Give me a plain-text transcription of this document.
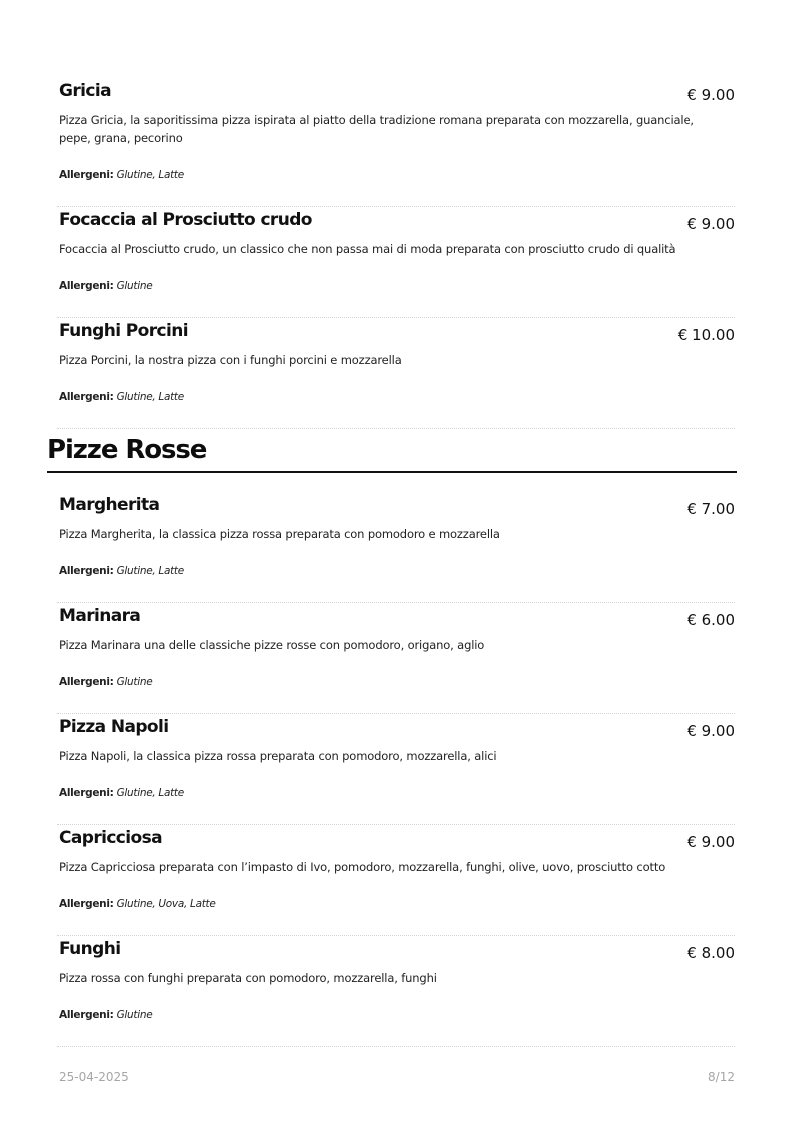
Gricia	€ 9.00

Pizza Gricia, la saporitissima pizza ispirata al piatto della tradizione romana preparata con mozzarella, guanciale, pepe, grana, pecorino

Allergeni: Glutine, Latte

Focaccia al Prosciutto crudo	€ 9.00

Focaccia al Prosciutto crudo, un classico che non passa mai di moda preparata con prosciutto crudo di qualità

Allergeni: Glutine

Funghi Porcini	€ 10.00

Pizza Porcini, la nostra pizza con i funghi porcini e mozzarella

Allergeni: Glutine, Latte

Pizze Rosse
Margherita	€ 7.00

Pizza Margherita, la classica pizza rossa preparata con pomodoro e mozzarella

Allergeni: Glutine, Latte

Marinara	€ 6.00

Pizza Marinara una delle classiche pizze rosse con pomodoro, origano, aglio

Allergeni: Glutine

Pizza Napoli	€ 9.00

Pizza Napoli, la classica pizza rossa preparata con pomodoro, mozzarella, alici

Allergeni: Glutine, Latte

Capricciosa	€ 9.00

Pizza Capricciosa preparata con l’impasto di Ivo, pomodoro, mozzarella, funghi, olive, uovo, prosciutto cotto

Allergeni: Glutine, Uova, Latte

Funghi	€ 8.00

Pizza rossa con funghi preparata con pomodoro, mozzarella, funghi

Allergeni: Glutine

25-04-2025	8/12
